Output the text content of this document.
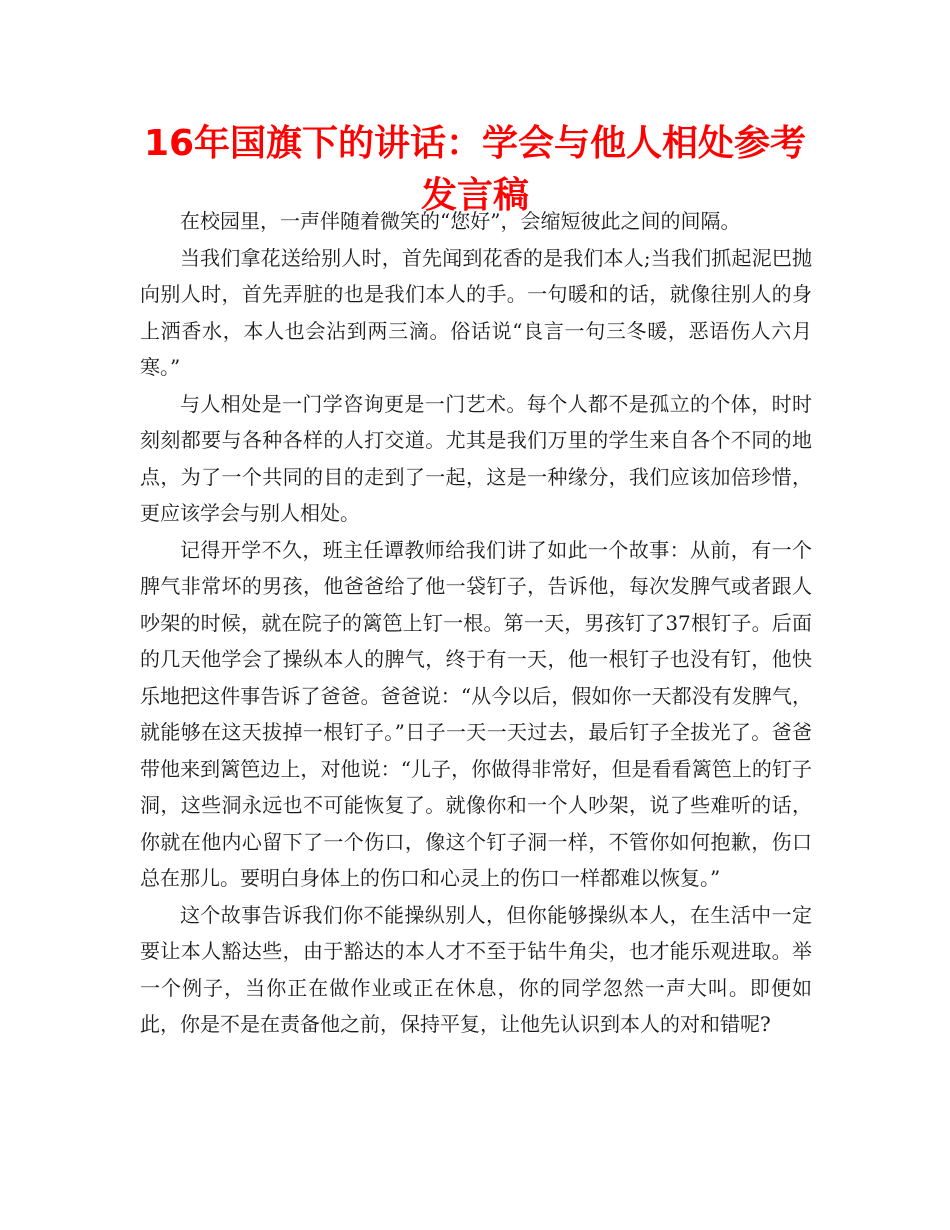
16年国旗下的讲话：学会与他人相处参考发言稿

在校园里，一声伴随着微笑的“您好”，会缩短彼此之间的间隔。

当我们拿花送给别人时，首先闻到花香的是我们本人;当我们抓起泥巴抛向别人时，首先弄脏的也是我们本人的手。一句暖和的话，就像往别人的身上洒香水，本人也会沾到两三滴。俗话说“良言一句三冬暖，恶语伤人六月寒。”

与人相处是一门学咨询更是一门艺术。每个人都不是孤立的个体，时时刻刻都要与各种各样的人打交道。尤其是我们万里的学生来自各个不同的地点，为了一个共同的目的走到了一起，这是一种缘分，我们应该加倍珍惜，更应该学会与别人相处。

记得开学不久，班主任谭教师给我们讲了如此一个故事：从前，有一个脾气非常坏的男孩，他爸爸给了他一袋钉子，告诉他，每次发脾气或者跟人吵架的时候，就在院子的篱笆上钉一根。第一天，男孩钉了37根钉子。后面的几天他学会了操纵本人的脾气，终于有一天，他一根钉子也没有钉，他快乐地把这件事告诉了爸爸。爸爸说：“从今以后，假如你一天都没有发脾气，就能够在这天拔掉一根钉子。”日子一天一天过去，最后钉子全拔光了。爸爸带他来到篱笆边上，对他说：“儿子，你做得非常好，但是看看篱笆上的钉子洞，这些洞永远也不可能恢复了。就像你和一个人吵架，说了些难听的话，你就在他内心留下了一个伤口，像这个钉子洞一样，不管你如何抱歉，伤口总在那儿。要明白身体上的伤口和心灵上的伤口一样都难以恢复。”

这个故事告诉我们你不能操纵别人，但你能够操纵本人，在生活中一定要让本人豁达些，由于豁达的本人才不至于钻牛角尖，也才能乐观进取。举一个例子，当你正在做作业或正在休息，你的同学忽然一声大叫。即便如此，你是不是在责备他之前，保持平复，让他先认识到本人的对和错呢?
